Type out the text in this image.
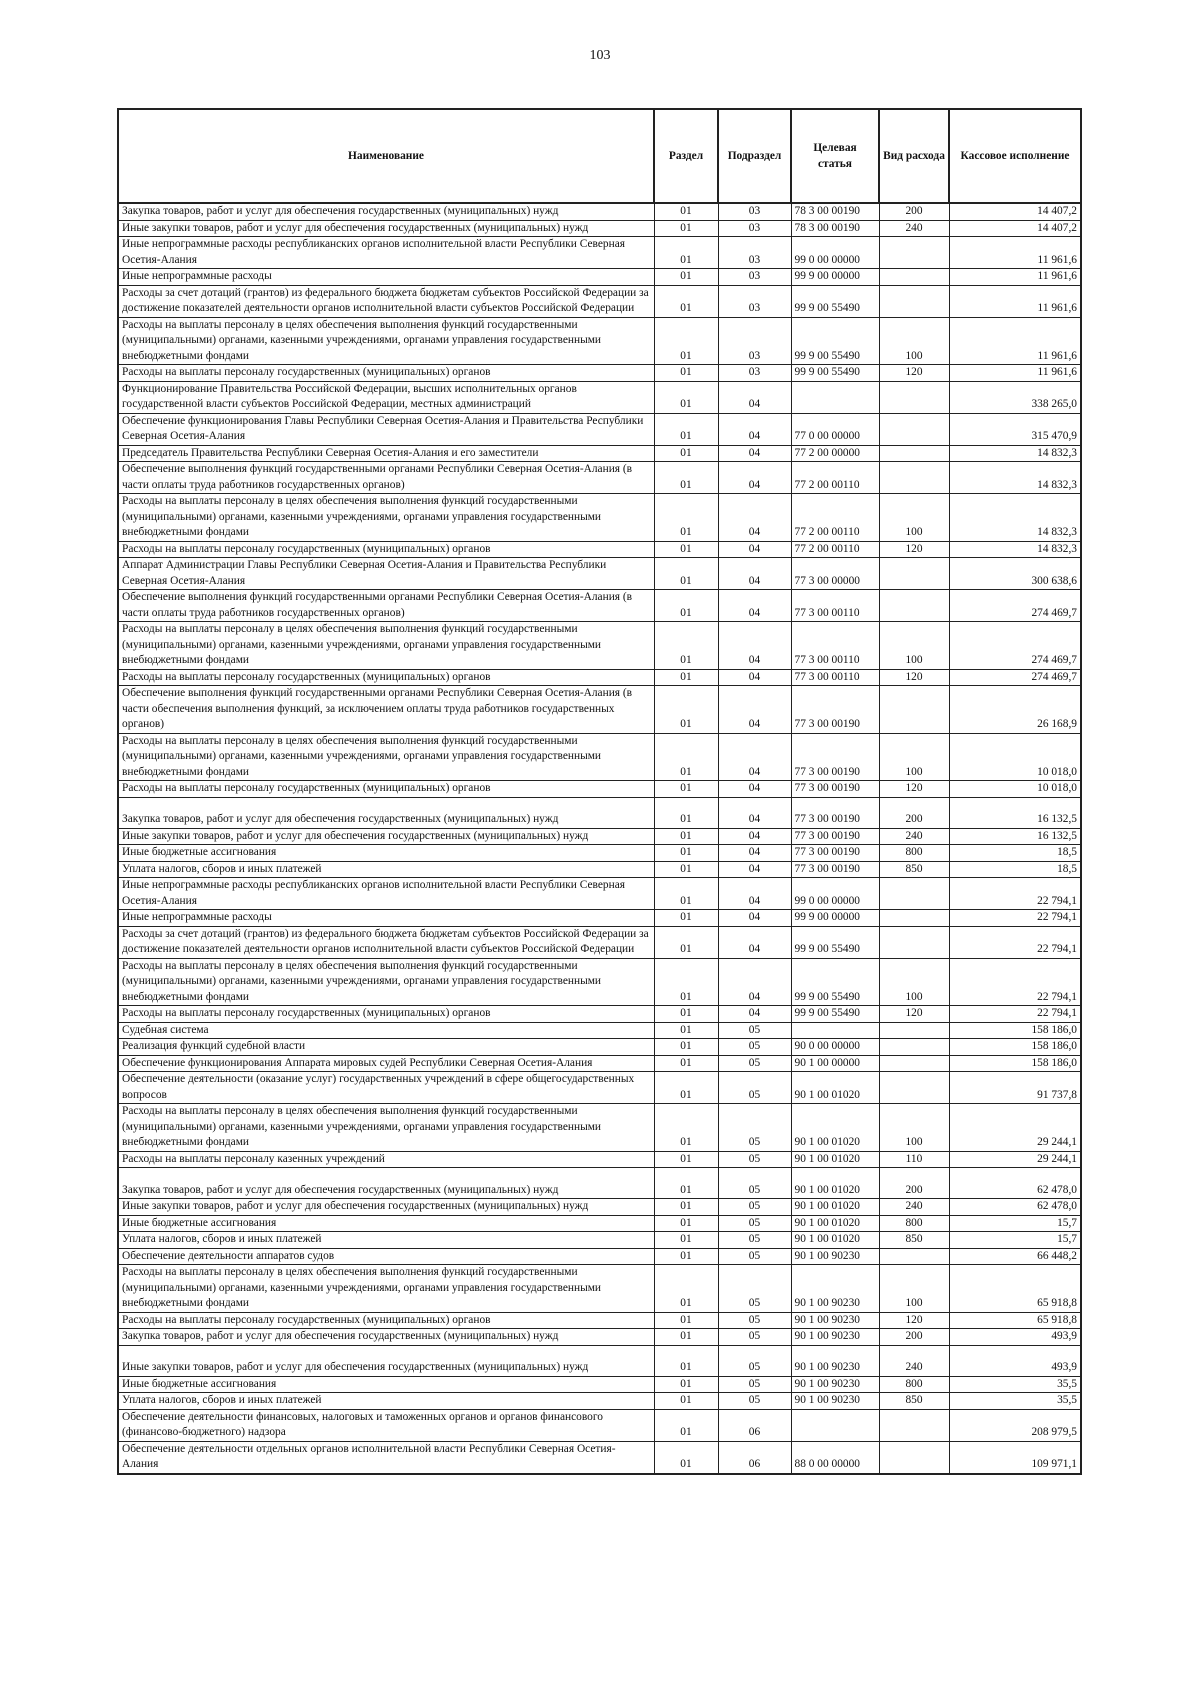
103
Наименование	Раздел	Подраздел	Целевая статья	Вид расхода	Кассовое исполнение
Закупка товаров, работ и услуг для обеспечения государственных (муниципальных) нужд	01	03	78 3 00 00190	200	14 407,2
Иные закупки товаров, работ и услуг для обеспечения государственных (муниципальных) нужд	01	03	78 3 00 00190	240	14 407,2
Иные непрограммные расходы республиканских органов исполнительной власти Республики Северная Осетия-Алания	01	03	99 0 00 00000		11 961,6
Иные непрограммные расходы	01	03	99 9 00 00000		11 961,6
Расходы за счет дотаций (грантов) из федерального бюджета бюджетам субъектов Российской Федерации за достижение показателей деятельности органов исполнительной власти субъектов Российской Федерации	01	03	99 9 00 55490		11 961,6
Расходы на выплаты персоналу в целях обеспечения выполнения функций государственными (муниципальными) органами, казенными учреждениями, органами управления государственными внебюджетными фондами	01	03	99 9 00 55490	100	11 961,6
Расходы на выплаты персоналу государственных (муниципальных) органов	01	03	99 9 00 55490	120	11 961,6
Функционирование Правительства Российской Федерации, высших исполнительных органов государственной власти субъектов Российской Федерации, местных администраций	01	04			338 265,0
Обеспечение функционирования Главы Республики Северная Осетия-Алания и Правительства Республики Северная Осетия-Алания	01	04	77 0 00 00000		315 470,9
Председатель Правительства Республики Северная Осетия-Алания и его заместители	01	04	77 2 00 00000		14 832,3
Обеспечение выполнения функций государственными органами Республики Северная Осетия-Алания (в части оплаты труда работников государственных органов)	01	04	77 2 00 00110		14 832,3
Расходы на выплаты персоналу в целях обеспечения выполнения функций государственными (муниципальными) органами, казенными учреждениями, органами управления государственными внебюджетными фондами	01	04	77 2 00 00110	100	14 832,3
Расходы на выплаты персоналу государственных (муниципальных) органов	01	04	77 2 00 00110	120	14 832,3
Аппарат Администрации Главы Республики Северная Осетия-Алания и Правительства Республики Северная Осетия-Алания	01	04	77 3 00 00000		300 638,6
Обеспечение выполнения функций государственными органами Республики Северная Осетия-Алания (в части оплаты труда работников государственных органов)	01	04	77 3 00 00110		274 469,7
Расходы на выплаты персоналу в целях обеспечения выполнения функций государственными (муниципальными) органами, казенными учреждениями, органами управления государственными внебюджетными фондами	01	04	77 3 00 00110	100	274 469,7
Расходы на выплаты персоналу государственных (муниципальных) органов	01	04	77 3 00 00110	120	274 469,7
Обеспечение выполнения функций государственными органами Республики Северная Осетия-Алания (в части обеспечения выполнения функций, за исключением оплаты труда работников государственных органов)	01	04	77 3 00 00190		26 168,9
Расходы на выплаты персоналу в целях обеспечения выполнения функций государственными (муниципальными) органами, казенными учреждениями, органами управления государственными внебюджетными фондами	01	04	77 3 00 00190	100	10 018,0
Расходы на выплаты персоналу государственных (муниципальных) органов	01	04	77 3 00 00190	120	10 018,0
Закупка товаров, работ и услуг для обеспечения государственных (муниципальных) нужд	01	04	77 3 00 00190	200	16 132,5
Иные закупки товаров, работ и услуг для обеспечения государственных (муниципальных) нужд	01	04	77 3 00 00190	240	16 132,5
Иные бюджетные ассигнования	01	04	77 3 00 00190	800	18,5
Уплата налогов, сборов и иных платежей	01	04	77 3 00 00190	850	18,5
Иные непрограммные расходы республиканских органов исполнительной власти Республики Северная Осетия-Алания	01	04	99 0 00 00000		22 794,1
Иные непрограммные расходы	01	04	99 9 00 00000		22 794,1
Расходы за счет дотаций (грантов) из федерального бюджета бюджетам субъектов Российской Федерации за достижение показателей деятельности органов исполнительной власти субъектов Российской Федерации	01	04	99 9 00 55490		22 794,1
Расходы на выплаты персоналу в целях обеспечения выполнения функций государственными (муниципальными) органами, казенными учреждениями, органами управления государственными внебюджетными фондами	01	04	99 9 00 55490	100	22 794,1
Расходы на выплаты персоналу государственных (муниципальных) органов	01	04	99 9 00 55490	120	22 794,1
Судебная система	01	05			158 186,0
Реализация функций судебной власти	01	05	90 0 00 00000		158 186,0
Обеспечение функционирования Аппарата мировых судей Республики Северная Осетия-Алания	01	05	90 1 00 00000		158 186,0
Обеспечение деятельности (оказание услуг) государственных учреждений в сфере общегосударственных вопросов	01	05	90 1 00 01020		91 737,8
Расходы на выплаты персоналу в целях обеспечения выполнения функций государственными (муниципальными) органами, казенными учреждениями, органами управления государственными внебюджетными фондами	01	05	90 1 00 01020	100	29 244,1
Расходы на выплаты персоналу казенных учреждений	01	05	90 1 00 01020	110	29 244,1
Закупка товаров, работ и услуг для обеспечения государственных (муниципальных) нужд	01	05	90 1 00 01020	200	62 478,0
Иные закупки товаров, работ и услуг для обеспечения государственных (муниципальных) нужд	01	05	90 1 00 01020	240	62 478,0
Иные бюджетные ассигнования	01	05	90 1 00 01020	800	15,7
Уплата налогов, сборов и иных платежей	01	05	90 1 00 01020	850	15,7
Обеспечение деятельности аппаратов судов	01	05	90 1 00 90230		66 448,2
Расходы на выплаты персоналу в целях обеспечения выполнения функций государственными (муниципальными) органами, казенными учреждениями, органами управления государственными внебюджетными фондами	01	05	90 1 00 90230	100	65 918,8
Расходы на выплаты персоналу государственных (муниципальных) органов	01	05	90 1 00 90230	120	65 918,8
Закупка товаров, работ и услуг для обеспечения государственных (муниципальных) нужд	01	05	90 1 00 90230	200	493,9
Иные закупки товаров, работ и услуг для обеспечения государственных (муниципальных) нужд	01	05	90 1 00 90230	240	493,9
Иные бюджетные ассигнования	01	05	90 1 00 90230	800	35,5
Уплата налогов, сборов и иных платежей	01	05	90 1 00 90230	850	35,5
Обеспечение деятельности финансовых, налоговых и таможенных органов и органов финансового (финансово-бюджетного) надзора	01	06			208 979,5
Обеспечение деятельности отдельных органов исполнительной власти Республики Северная Осетия-Алания	01	06	88 0 00 00000		109 971,1
